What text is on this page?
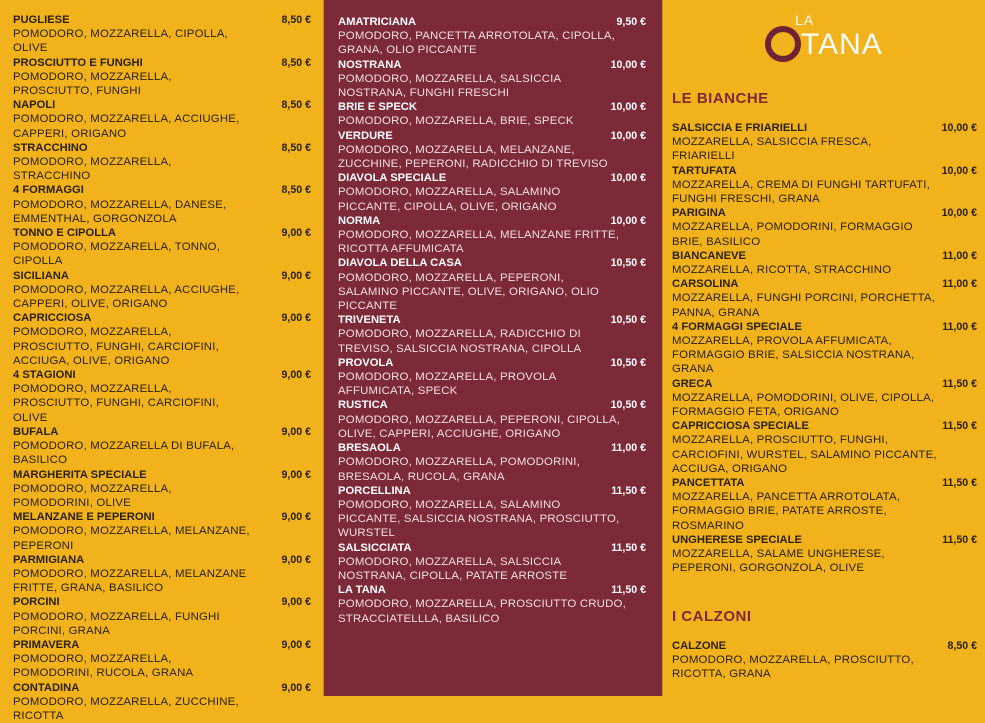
PUGLIESE	8,50 €
POMODORO, MOZZARELLA, CIPOLLA, OLIVE
PROSCIUTTO E FUNGHI	8,50 €
POMODORO, MOZZARELLA, PROSCIUTTO, FUNGHI
NAPOLI	8,50 €
POMODORO, MOZZARELLA, ACCIUGHE, CAPPERI, ORIGANO
STRACCHINO	8,50 €
POMODORO, MOZZARELLA, STRACCHINO
4 FORMAGGI	8,50 €
POMODORO, MOZZARELLA, DANESE, EMMENTHAL, GORGONZOLA
TONNO E CIPOLLA	9,00 €
POMODORO, MOZZARELLA, TONNO, CIPOLLA
SICILIANA	9,00 €
POMODORO, MOZZARELLA, ACCIUGHE, CAPPERI, OLIVE, ORIGANO
CAPRICCIOSA	9,00 €
POMODORO, MOZZARELLA, PROSCIUTTO, FUNGHI, CARCIOFINI, ACCIUGA, OLIVE, ORIGANO
4 STAGIONI	9,00 €
POMODORO, MOZZARELLA, PROSCIUTTO, FUNGHI, CARCIOFINI, OLIVE
BUFALA	9,00 €
POMODORO, MOZZARELLA DI BUFALA, BASILICO
MARGHERITA SPECIALE	9,00 €
POMODORO, MOZZARELLA, POMODORINI, OLIVE
MELANZANE E PEPERONI	9,00 €
POMODORO, MOZZARELLA, MELANZANE, PEPERONI
PARMIGIANA	9,00 €
POMODORO, MOZZARELLA, MELANZANE FRITTE, GRANA, BASILICO
PORCINI	9,00 €
POMODORO, MOZZARELLA, FUNGHI PORCINI, GRANA
PRIMAVERA	9,00 €
POMODORO, MOZZARELLA, POMODORINI, RUCOLA, GRANA
CONTADINA	9,00 €
POMODORO, MOZZARELLA, ZUCCHINE, RICOTTA
AMATRICIANA	9,50 €
POMODORO, PANCETTA ARROTOLATA, CIPOLLA, GRANA, OLIO PICCANTE
NOSTRANA	10,00 €
POMODORO, MOZZARELLA, SALSICCIA NOSTRANA, FUNGHI FRESCHI
BRIE E SPECK	10,00 €
POMODORO, MOZZARELLA, BRIE, SPECK
VERDURE	10,00 €
POMODORO, MOZZARELLA, MELANZANE, ZUCCHINE, PEPERONI, RADICCHIO DI TREVISO
DIAVOLA SPECIALE	10,00 €
POMODORO, MOZZARELLA, SALAMINO PICCANTE, CIPOLLA, OLIVE, ORIGANO
NORMA	10,00 €
POMODORO, MOZZARELLA, MELANZANE FRITTE, RICOTTA AFFUMICATA
DIAVOLA DELLA CASA	10,50 €
POMODORO, MOZZARELLA, PEPERONI, SALAMINO PICCANTE, OLIVE, ORIGANO, OLIO PICCANTE
TRIVENETA	10,50 €
POMODORO, MOZZARELLA, RADICCHIO DI TREVISO, SALSICCIA NOSTRANA, CIPOLLA
PROVOLA	10,50 €
POMODORO, MOZZARELLA, PROVOLA AFFUMICATA, SPECK
RUSTICA	10,50 €
POMODORO, MOZZARELLA, PEPERONI, CIPOLLA, OLIVE, CAPPERI, ACCIUGHE, ORIGANO
BRESAOLA	11,00 €
POMODORO, MOZZARELLA, POMODORINI, BRESAOLA, RUCOLA, GRANA
PORCELLINA	11,50 €
POMODORO, MOZZARELLA, SALAMINO PICCANTE, SALSICCIA NOSTRANA, PROSCIUTTO, WURSTEL
SALSICCIATA	11,50 €
POMODORO, MOZZARELLA, SALSICCIA NOSTRANA, CIPOLLA, PATATE ARROSTE
LA TANA	11,50 €
POMODORO, MOZZARELLA, PROSCIUTTO CRUDO, STRACCIATELLLA, BASILICO
LA
TANA
LE BIANCHE
SALSICCIA E FRIARIELLI	10,00 €
MOZZARELLA, SALSICCIA FRESCA, FRIARIELLI
TARTUFATA	10,00 €
MOZZARELLA, CREMA DI FUNGHI TARTUFATI, FUNGHI FRESCHI, GRANA
PARIGINA	10,00 €
MOZZARELLA, POMODORINI, FORMAGGIO BRIE, BASILICO
BIANCANEVE	11,00 €
MOZZARELLA, RICOTTA, STRACCHINO
CARSOLINA	11,00 €
MOZZARELLA, FUNGHI PORCINI, PORCHETTA, PANNA, GRANA
4 FORMAGGI SPECIALE	11,00 €
MOZZARELLA, PROVOLA AFFUMICATA, FORMAGGIO BRIE, SALSICCIA NOSTRANA, GRANA
GRECA	11,50 €
MOZZARELLA, POMODORINI, OLIVE, CIPOLLA, FORMAGGIO FETA, ORIGANO
CAPRICCIOSA SPECIALE	11,50 €
MOZZARELLA, PROSCIUTTO, FUNGHI, CARCIOFINI, WURSTEL, SALAMINO PICCANTE, ACCIUGA, ORIGANO
PANCETTATA	11,50 €
MOZZARELLA, PANCETTA ARROTOLATA, FORMAGGIO BRIE, PATATE ARROSTE, ROSMARINO
UNGHERESE SPECIALE	11,50 €
MOZZARELLA, SALAME UNGHERESE, PEPERONI, GORGONZOLA, OLIVE
I CALZONI
CALZONE	8,50 €
POMODORO, MOZZARELLA, PROSCIUTTO, RICOTTA, GRANA
